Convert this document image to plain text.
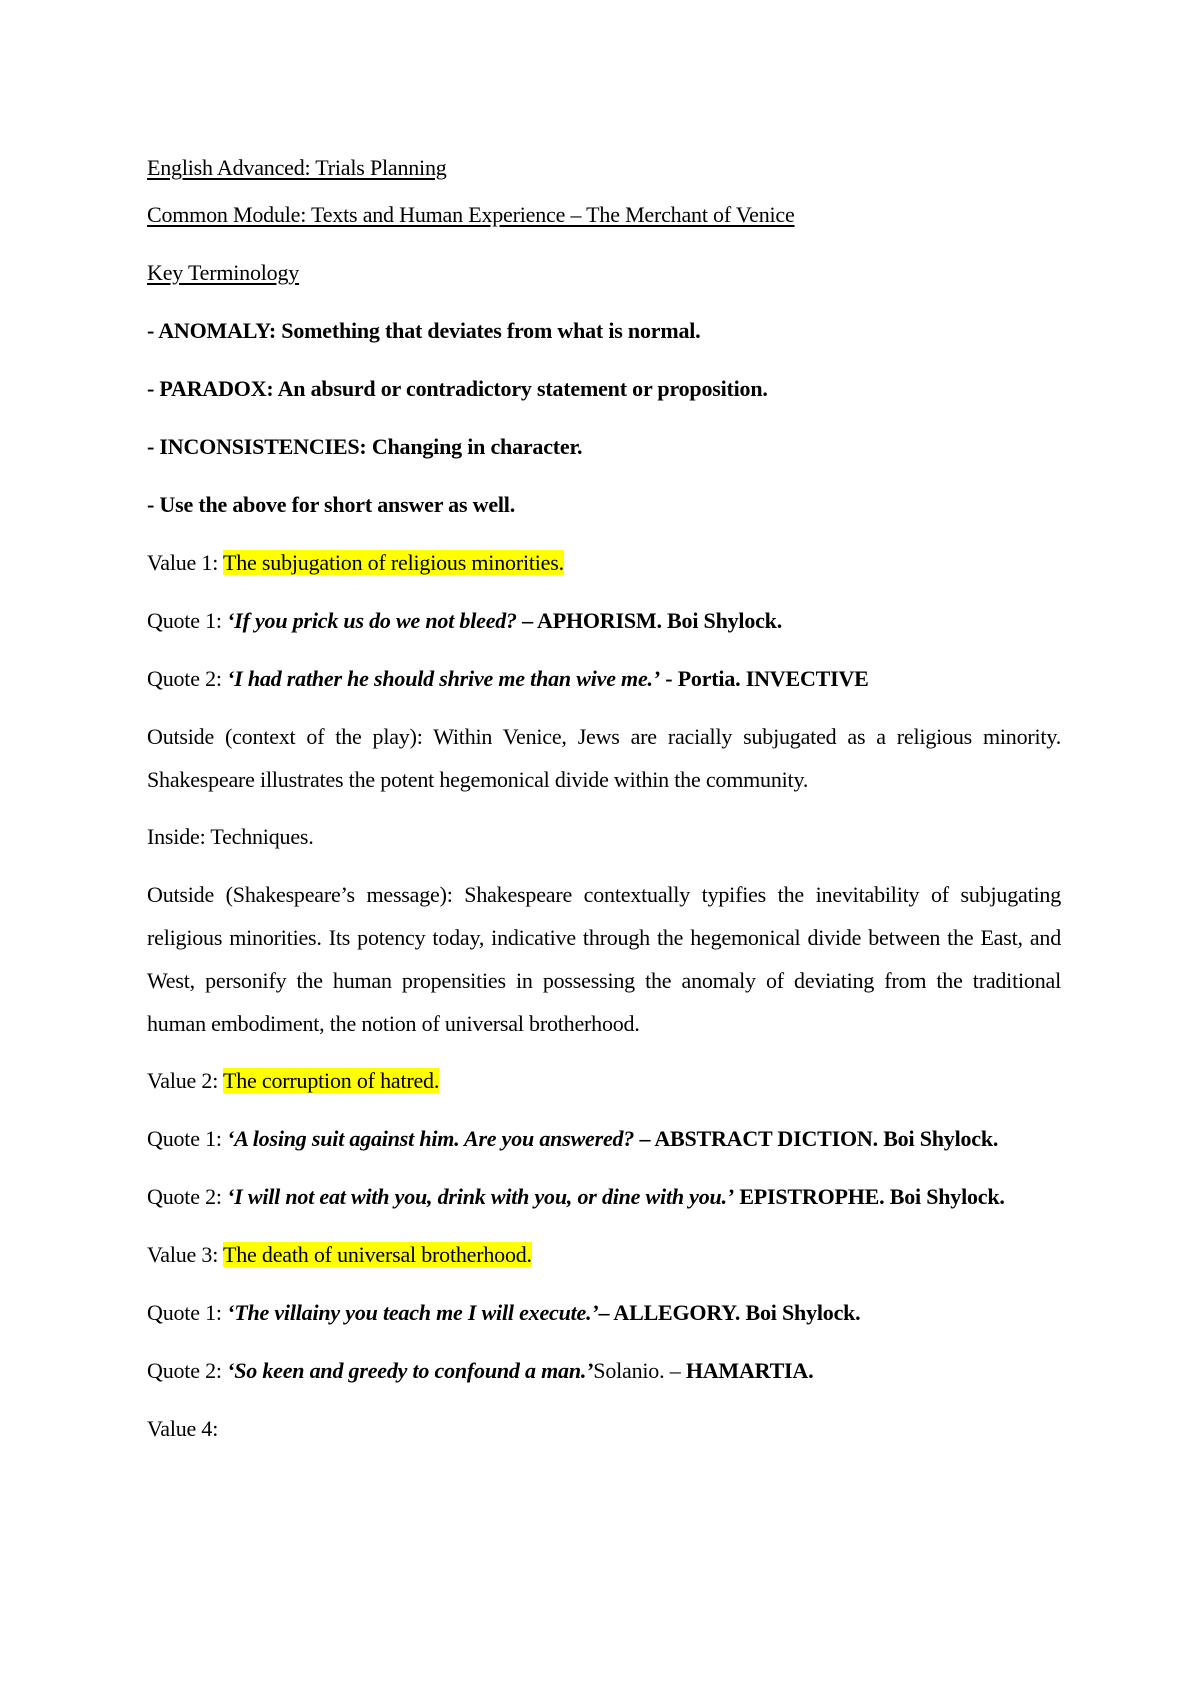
English Advanced: Trials Planning

Common Module: Texts and Human Experience – The Merchant of Venice

Key Terminology

- ANOMALY: Something that deviates from what is normal.

- PARADOX: An absurd or contradictory statement or proposition.

- INCONSISTENCIES: Changing in character.

- Use the above for short answer as well.

Value 1: The subjugation of religious minorities.

Quote 1: ‘If you prick us do we not bleed? – APHORISM. Boi Shylock.

Quote 2: ‘I had rather he should shrive me than wive me.’ - Portia. INVECTIVE

Outside (context of the play): Within Venice, Jews are racially subjugated as a religious minority. Shakespeare illustrates the potent hegemonical divide within the community.

Inside: Techniques.

Outside (Shakespeare’s message): Shakespeare contextually typifies the inevitability of subjugating religious minorities. Its potency today, indicative through the hegemonical divide between the East, and West, personify the human propensities in possessing the anomaly of deviating from the traditional human embodiment, the notion of universal brotherhood.

Value 2: The corruption of hatred.

Quote 1: ‘A losing suit against him. Are you answered? – ABSTRACT DICTION. Boi Shylock.

Quote 2: ‘I will not eat with you, drink with you, or dine with you.’ EPISTROPHE. Boi Shylock.

Value 3: The death of universal brotherhood.

Quote 1: ‘The villainy you teach me I will execute.’– ALLEGORY. Boi Shylock.

Quote 2: ‘So keen and greedy to confound a man.’Solanio. – HAMARTIA.

Value 4:
